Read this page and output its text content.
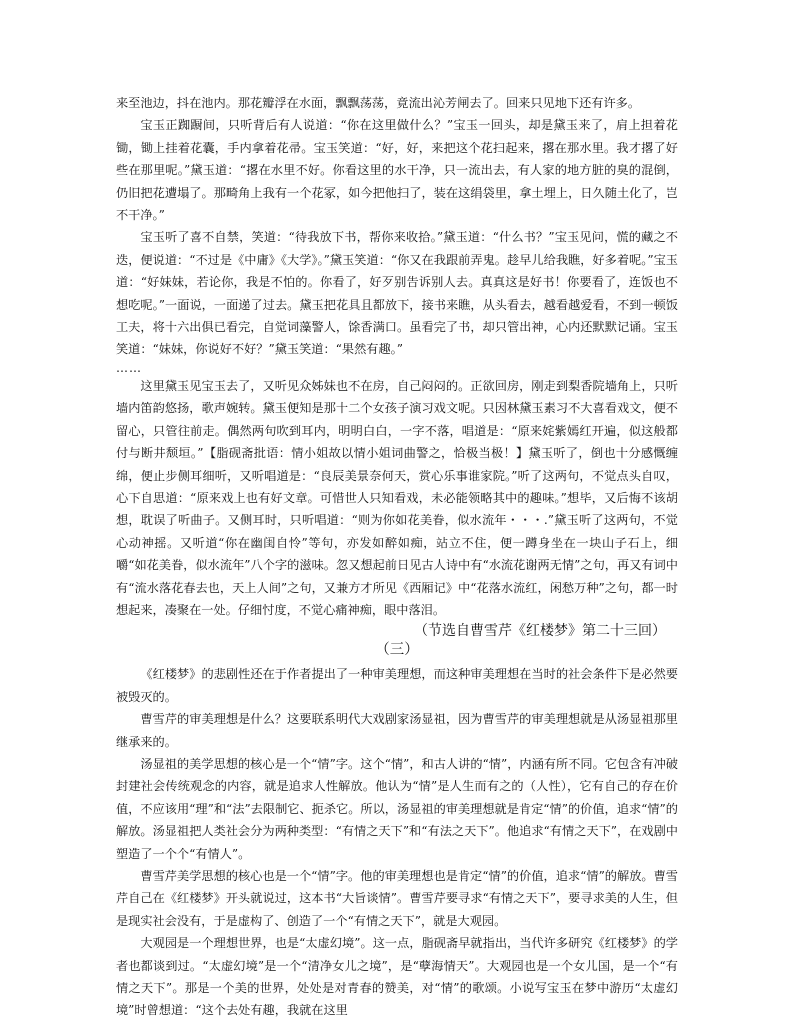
来至池边，抖在池内。那花瓣浮在水面，飘飘荡荡，竟流出沁芳闸去了。回来只见地下还有许多。

宝玉正踟蹰间，只听背后有人说道：“你在这里做什么？”宝玉一回头，却是黛玉来了，肩上担着花锄，锄上挂着花囊，手内拿着花帚。宝玉笑道：“好，好，来把这个花扫起来，撂在那水里。我才撂了好些在那里呢。”黛玉道：“撂在水里不好。你看这里的水干净，只一流出去，有人家的地方脏的臭的混倒，仍旧把花遭塌了。那畸角上我有一个花冢，如今把他扫了，装在这绢袋里，拿土埋上，日久随土化了，岂不干净。”

宝玉听了喜不自禁，笑道：“待我放下书，帮你来收拾。”黛玉道：“什么书？”宝玉见问，慌的藏之不迭，便说道：“不过是《中庸》《大学》。”黛玉笑道：“你又在我跟前弄鬼。趁早儿给我瞧，好多着呢。”宝玉道：“好妹妹，若论你，我是不怕的。你看了，好歹别告诉别人去。真真这是好书！你要看了，连饭也不想吃呢。”一面说，一面递了过去。黛玉把花具且都放下，接书来瞧，从头看去，越看越爱看，不到一顿饭工夫，将十六出俱已看完，自觉词藻警人，馀香满口。虽看完了书，却只管出神，心内还默默记诵。宝玉笑道：“妹妹，你说好不好？”黛玉笑道：“果然有趣。”

……

这里黛玉见宝玉去了，又听见众姊妹也不在房，自己闷闷的。正欲回房，刚走到梨香院墙角上，只听墙内笛韵悠扬，歌声婉转。黛玉便知是那十二个女孩子演习戏文呢。只因林黛玉素习不大喜看戏文，便不留心，只管往前走。偶然两句吹到耳内，明明白白，一字不落，唱道是：“原来姹紫嫣红开遍，似这般都付与断井颓垣。”【脂砚斋批语：情小姐故以情小姐词曲警之，恰极当极！】黛玉听了，倒也十分感慨缠绵，便止步侧耳细听，又听唱道是：“良辰美景奈何天，赏心乐事谁家院。”听了这两句，不觉点头自叹，心下自思道：“原来戏上也有好文章。可惜世人只知看戏，未必能领略其中的趣味。”想毕，又后悔不该胡想，耽误了听曲子。又侧耳时，只听唱道：“则为你如花美眷，似水流年・・・.”黛玉听了这两句，不觉心动神摇。又听道“你在幽闺自怜”等句，亦发如醉如痴，站立不住，便一蹲身坐在一块山子石上，细嚼“如花美眷，似水流年”八个字的滋味。忽又想起前日见古人诗中有“水流花谢两无情”之句，再又有词中有“流水落花春去也，天上人间”之句，又兼方才所见《西厢记》中“花落水流红，闲愁万种”之句，都一时想起来，凑聚在一处。仔细忖度，不觉心痛神痴，眼中落泪。

（节选自曹雪芹《红楼梦》第二十三回）

（三）

《红楼梦》的悲剧性还在于作者提出了一种审美理想，而这种审美理想在当时的社会条件下是必然要被毁灭的。

曹雪芹的审美理想是什么？这要联系明代大戏剧家汤显祖，因为曹雪芹的审美理想就是从汤显祖那里继承来的。

汤显祖的美学思想的核心是一个“情”字。这个“情”，和古人讲的“情”，内涵有所不同。它包含有冲破封建社会传统观念的内容，就是追求人性解放。他认为“情”是人生而有之的（人性），它有自己的存在价值，不应该用“理”和“法”去限制它、扼杀它。所以，汤显祖的审美理想就是肯定“情”的价值，追求“情”的解放。汤显祖把人类社会分为两种类型：“有情之天下”和“有法之天下”。他追求“有情之天下”，在戏剧中塑造了一个个“有情人”。

曹雪芹美学思想的核心也是一个“情”字。他的审美理想也是肯定“情”的价值，追求“情”的解放。曹雪芹自己在《红楼梦》开头就说过，这本书“大旨谈情”。曹雪芹要寻求“有情之天下”，要寻求美的人生，但是现实社会没有，于是虚构了、创造了一个“有情之天下”，就是大观园。

大观园是一个理想世界，也是“太虚幻境”。这一点，脂砚斋早就指出，当代许多研究《红楼梦》的学者也都谈到过。“太虚幻境”是一个“清净女儿之境”，是“孽海情天”。大观园也是一个女儿国，是一个“有情之天下”。那是一个美的世界，处处是对青春的赞美，对“情”的歌颂。小说写宝玉在梦中游历“太虚幻境”时曾想道：“这个去处有趣，我就在这里
